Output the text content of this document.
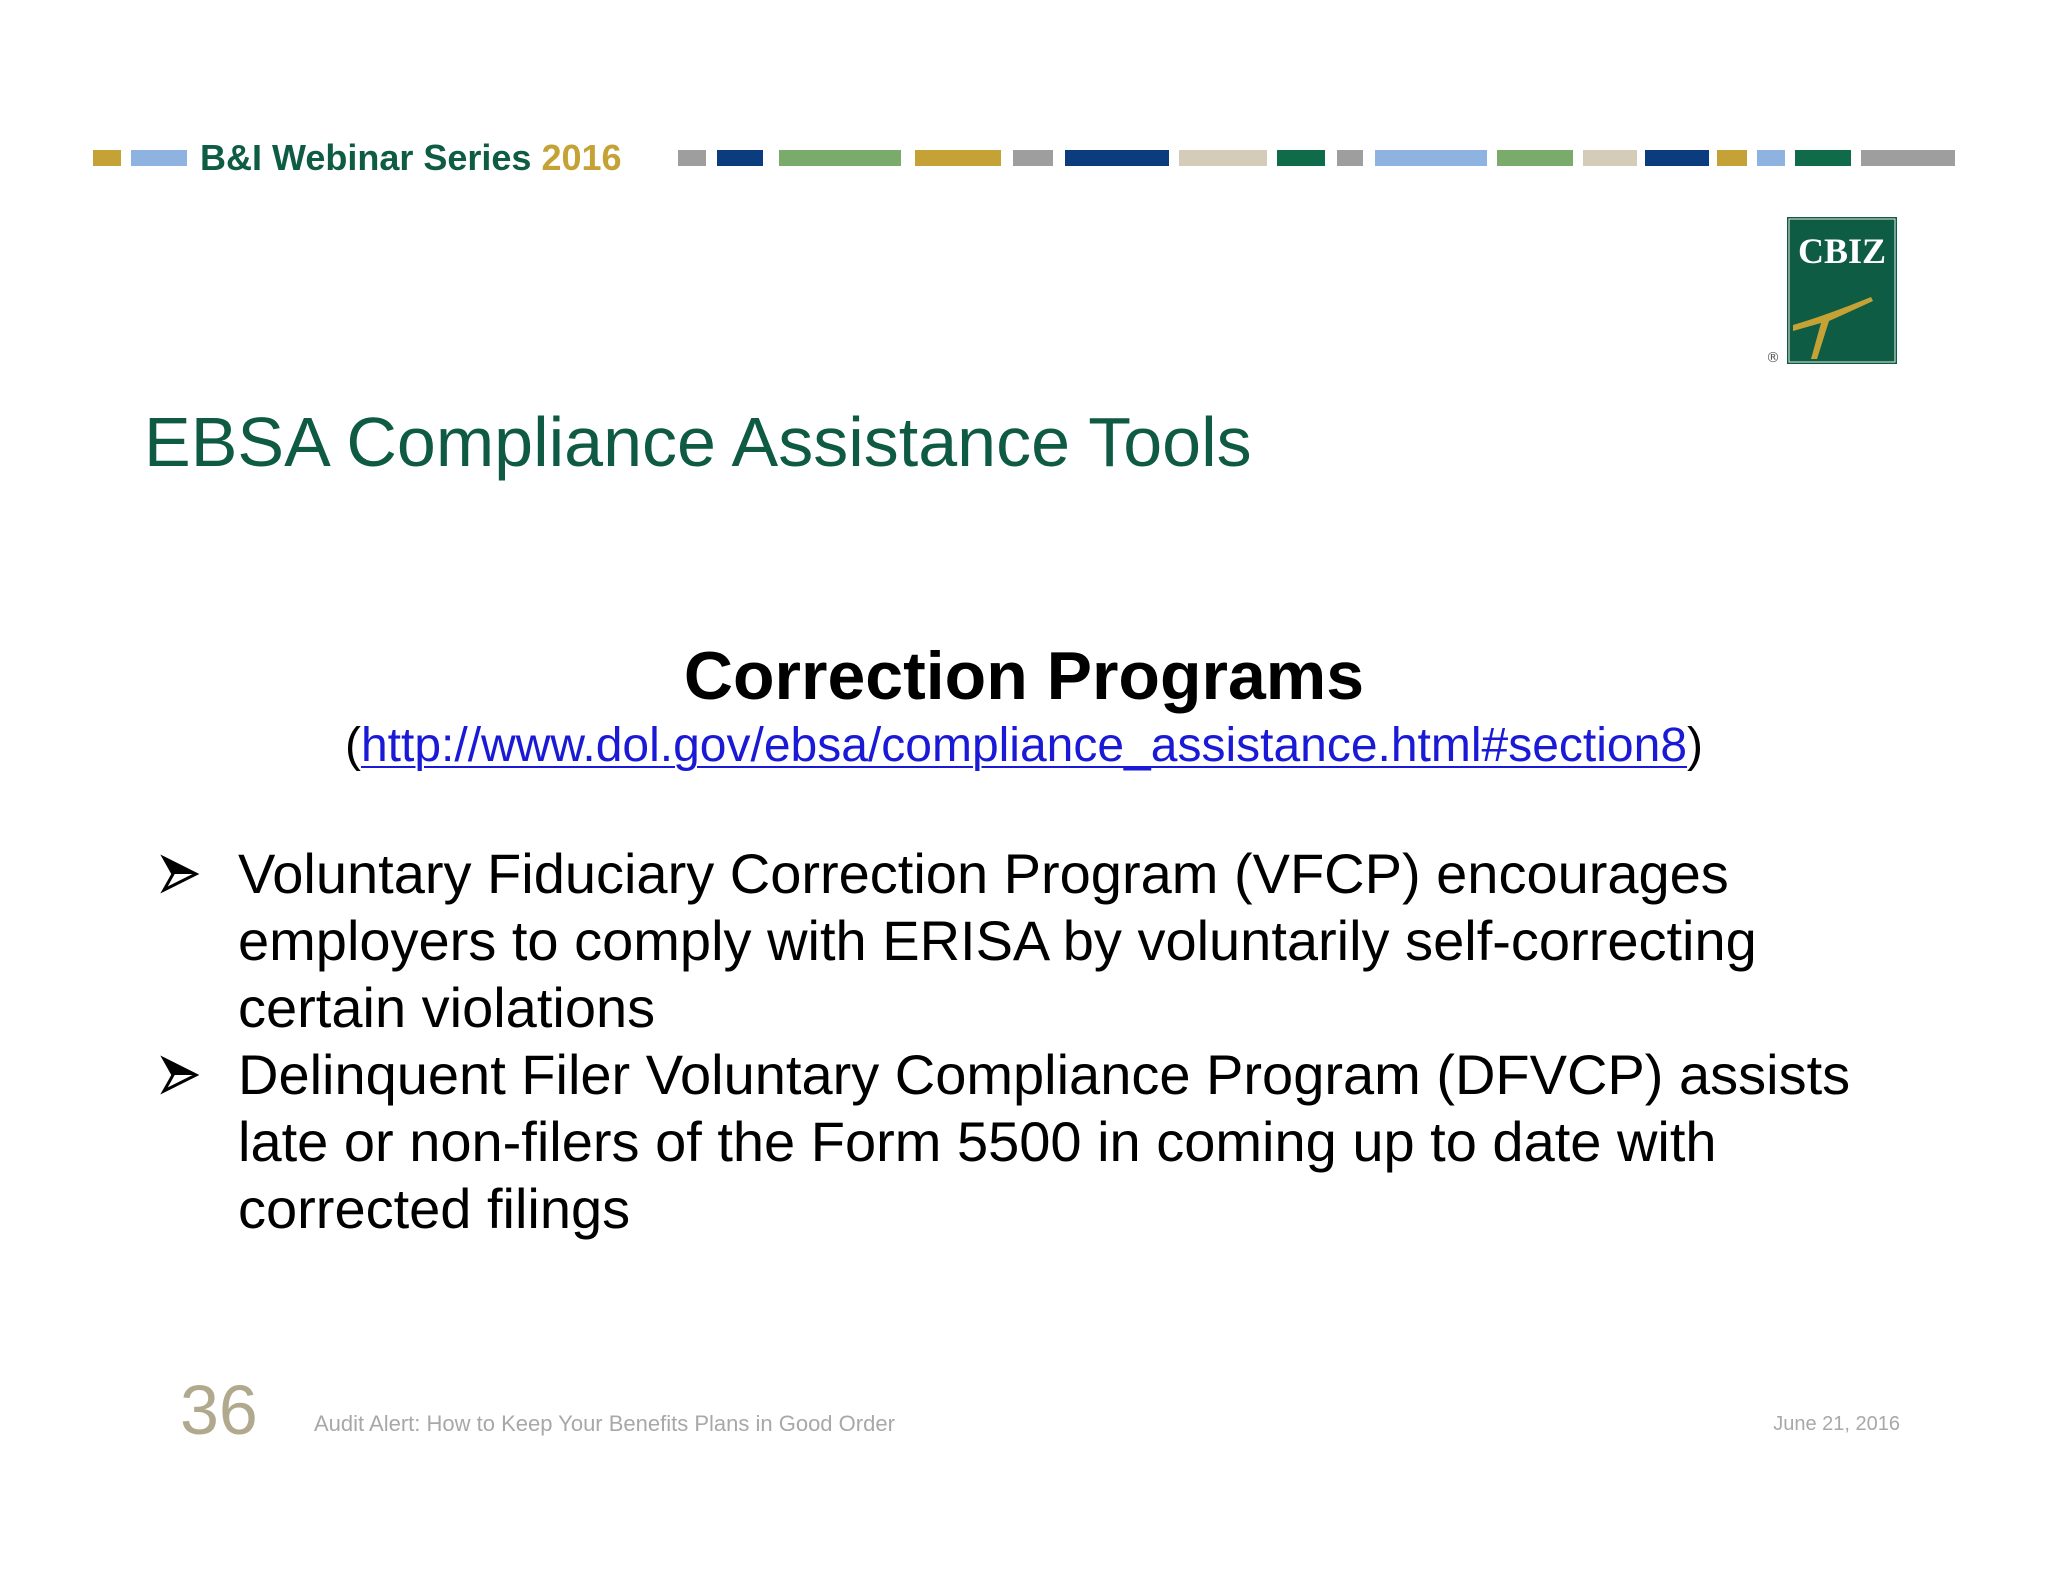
B&I Webinar Series 2016
CBIZ
®
EBSA Compliance Assistance Tools
Correction Programs
(http://www.dol.gov/ebsa/compliance_assistance.html#section8)
Voluntary Fiduciary Correction Program (VFCP) encourages employers to comply with ERISA by voluntarily self-correcting certain violations
Delinquent Filer Voluntary Compliance Program (DFVCP) assists late or non-filers of the Form 5500 in coming up to date with corrected filings
36	Audit Alert: How to Keep Your Benefits Plans in Good Order	June 21, 2016
